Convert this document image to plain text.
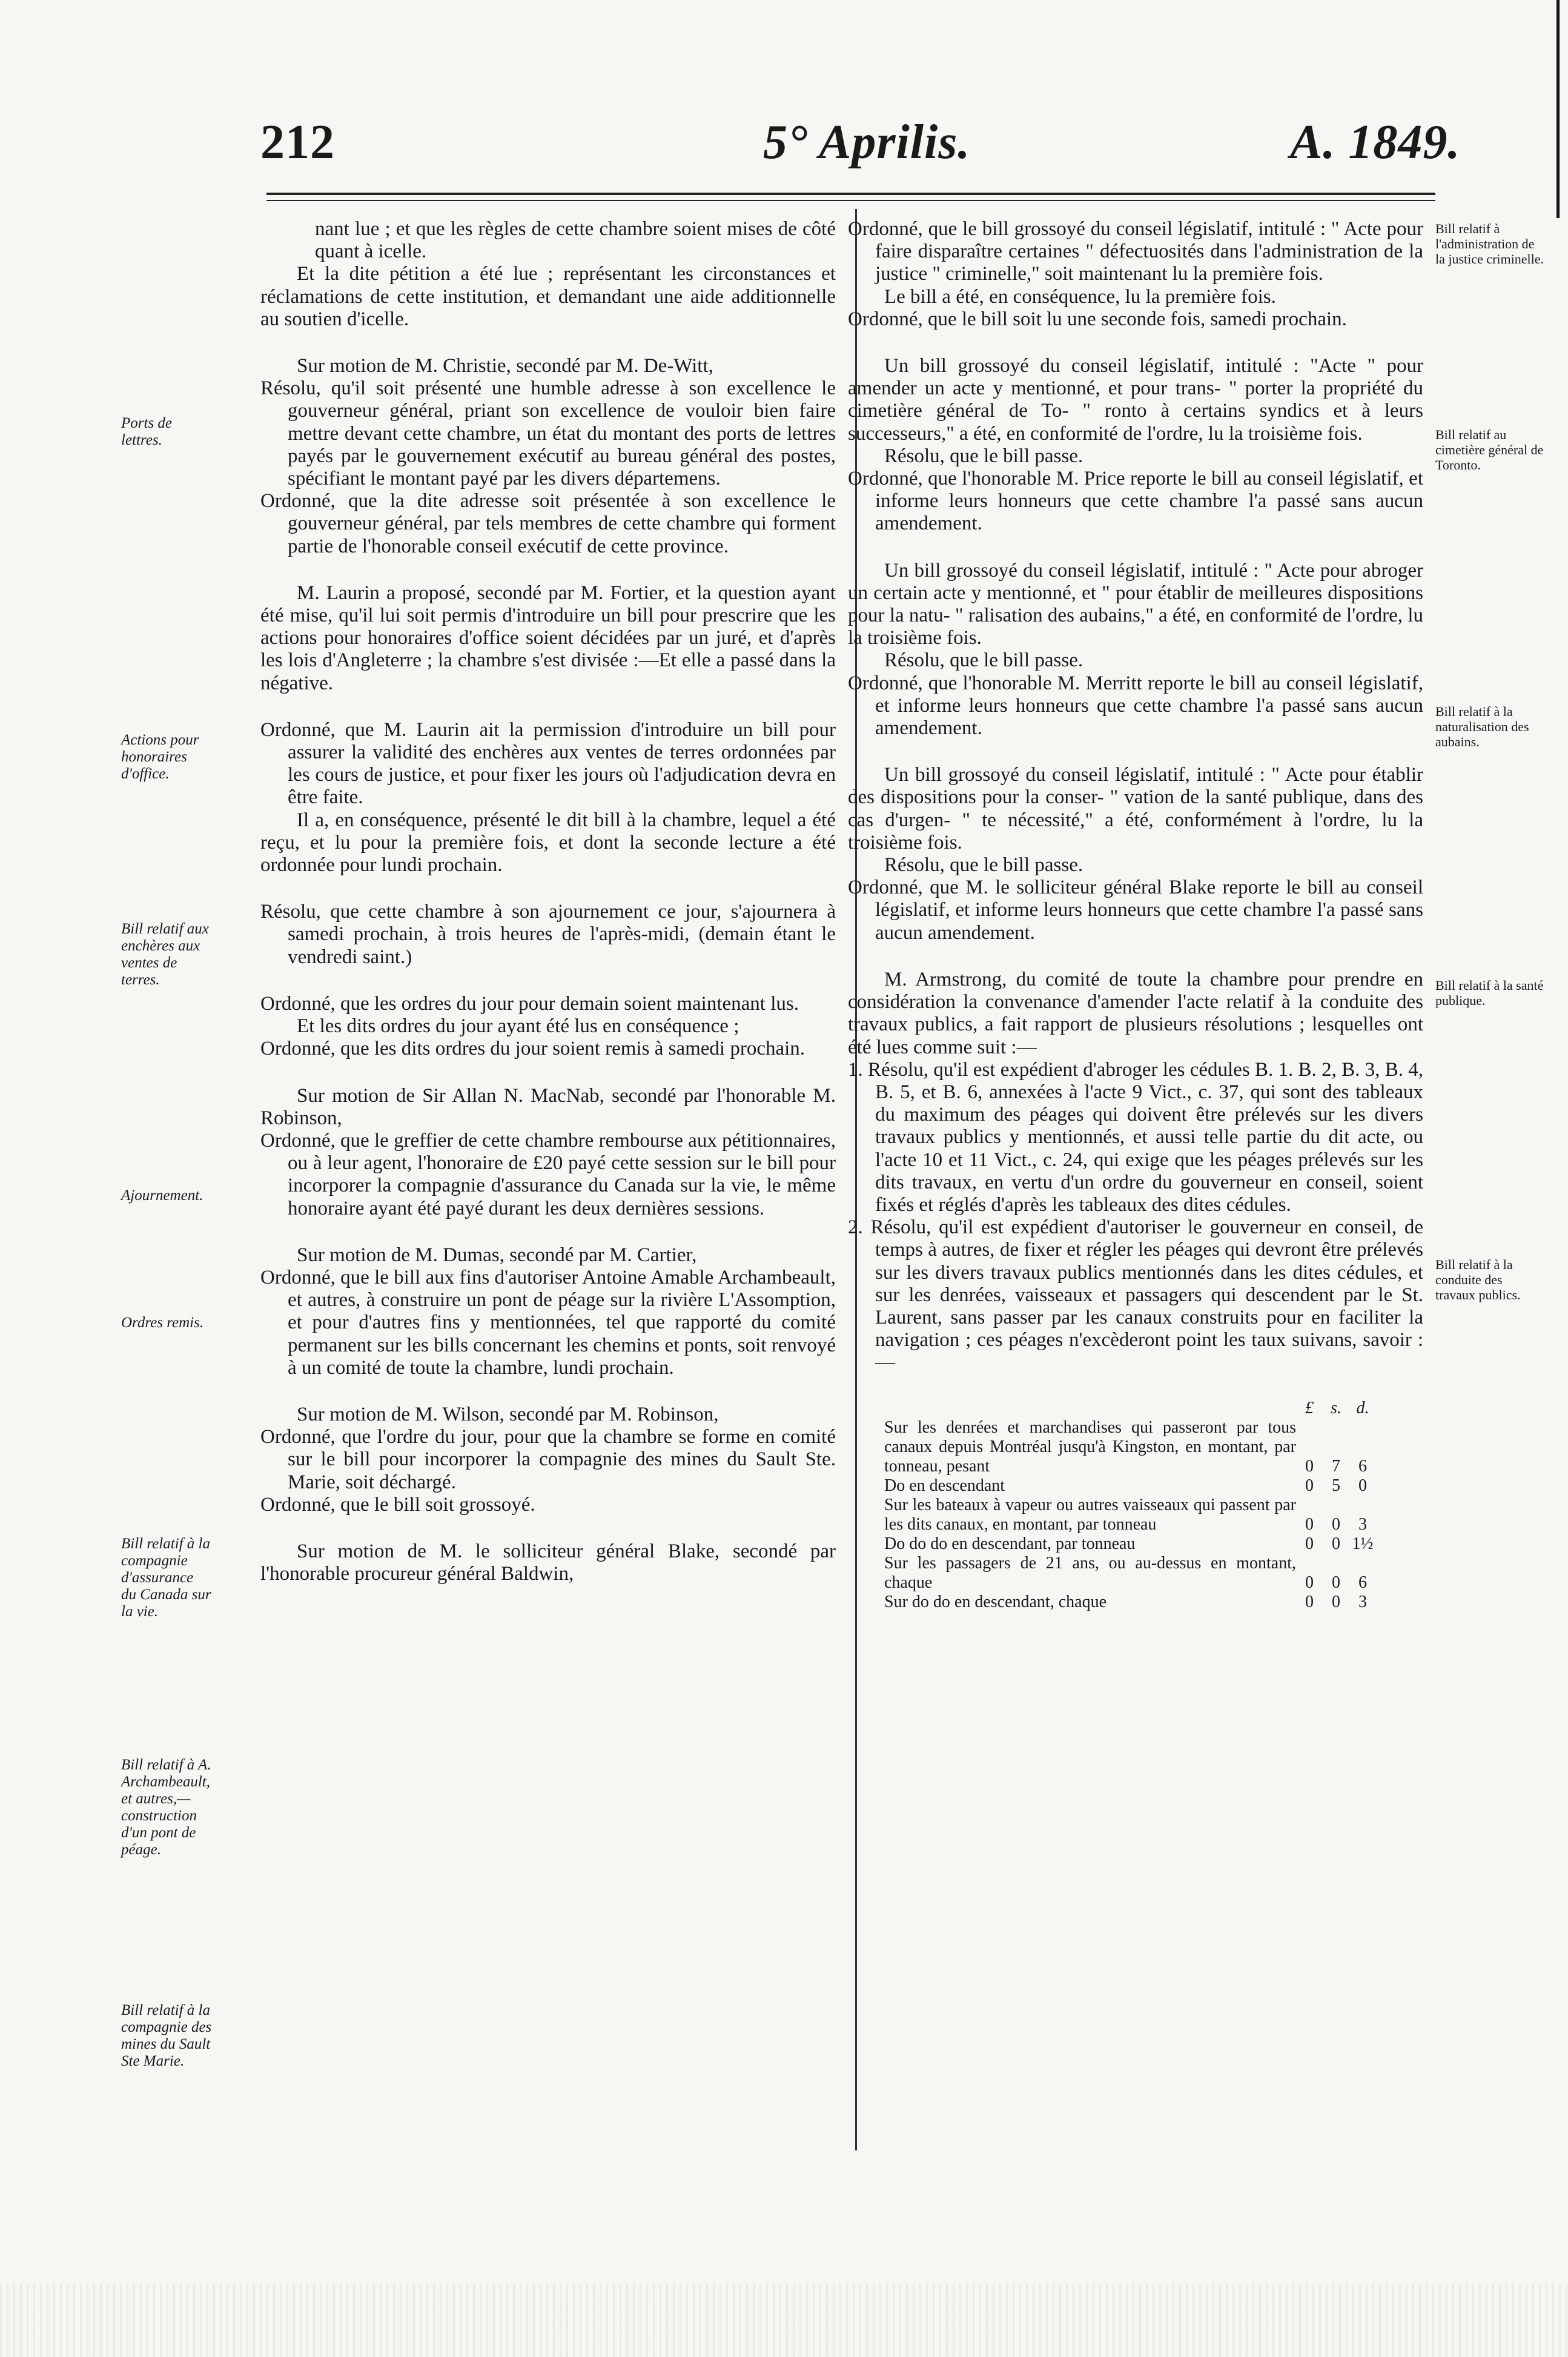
212	5° Aprilis.	A. 1849.
Ports de lettres.
Actions pour honoraires d'office.
Bill relatif aux enchères aux ventes de terres.
Ajournement.
Ordres remis.
Bill relatif à la compagnie d'assurance du Canada sur la vie.
Bill relatif à A. Archambeault, et autres,—construction d'un pont de péage.
Bill relatif à la compagnie des mines du Sault Ste Marie.

nant lue ; et que les règles de cette chambre soient mises de côté quant à icelle.

Et la dite pétition a été lue ; représentant les circonstances et réclamations de cette institution, et demandant une aide additionnelle au soutien d'icelle.

Sur motion de M. Christie, secondé par M. De-Witt,

Résolu, qu'il soit présenté une humble adresse à son excellence le gouverneur général, priant son excellence de vouloir bien faire mettre devant cette chambre, un état du montant des ports de lettres payés par le gouvernement exécutif au bureau général des postes, spécifiant le montant payé par les divers départemens.

Ordonné, que la dite adresse soit présentée à son excellence le gouverneur général, par tels membres de cette chambre qui forment partie de l'honorable conseil exécutif de cette province.

M. Laurin a proposé, secondé par M. Fortier, et la question ayant été mise, qu'il lui soit permis d'introduire un bill pour prescrire que les actions pour honoraires d'office soient décidées par un juré, et d'après les lois d'Angleterre ; la chambre s'est divisée :—Et elle a passé dans la négative.

Ordonné, que M. Laurin ait la permission d'introduire un bill pour assurer la validité des enchères aux ventes de terres ordonnées par les cours de justice, et pour fixer les jours où l'adjudication devra en être faite.

Il a, en conséquence, présenté le dit bill à la chambre, lequel a été reçu, et lu pour la première fois, et dont la seconde lecture a été ordonnée pour lundi prochain.

Résolu, que cette chambre à son ajournement ce jour, s'ajournera à samedi prochain, à trois heures de l'après-midi, (demain étant le vendredi saint.)

Ordonné, que les ordres du jour pour demain soient maintenant lus.

Et les dits ordres du jour ayant été lus en conséquence ;

Ordonné, que les dits ordres du jour soient remis à samedi prochain.

Sur motion de Sir Allan N. MacNab, secondé par l'honorable M. Robinson,

Ordonné, que le greffier de cette chambre rembourse aux pétitionnaires, ou à leur agent, l'honoraire de £20 payé cette session sur le bill pour incorporer la compagnie d'assurance du Canada sur la vie, le même honoraire ayant été payé durant les deux dernières sessions.

Sur motion de M. Dumas, secondé par M. Cartier,

Ordonné, que le bill aux fins d'autoriser Antoine Amable Archambeault, et autres, à construire un pont de péage sur la rivière L'Assomption, et pour d'autres fins y mentionnées, tel que rapporté du comité permanent sur les bills concernant les chemins et ponts, soit renvoyé à un comité de toute la chambre, lundi prochain.

Sur motion de M. Wilson, secondé par M. Robinson,

Ordonné, que l'ordre du jour, pour que la chambre se forme en comité sur le bill pour incorporer la compagnie des mines du Sault Ste. Marie, soit déchargé.

Ordonné, que le bill soit grossoyé.

Sur motion de M. le solliciteur général Blake, secondé par l'honorable procureur général Baldwin,

Ordonné, que le bill grossoyé du conseil législatif, intitulé : " Acte pour faire disparaître certaines " défectuosités dans l'administration de la justice " criminelle," soit maintenant lu la première fois.

Le bill a été, en conséquence, lu la première fois.

Ordonné, que le bill soit lu une seconde fois, samedi prochain.

Un bill grossoyé du conseil législatif, intitulé : "Acte " pour amender un acte y mentionné, et pour trans- " porter la propriété du cimetière général de To- " ronto à certains syndics et à leurs successeurs," a été, en conformité de l'ordre, lu la troisième fois.

Résolu, que le bill passe.

Ordonné, que l'honorable M. Price reporte le bill au conseil législatif, et informe leurs honneurs que cette chambre l'a passé sans aucun amendement.

Un bill grossoyé du conseil législatif, intitulé : " Acte pour abroger un certain acte y mentionné, et " pour établir de meilleures dispositions pour la natu- " ralisation des aubains," a été, en conformité de l'ordre, lu la troisième fois.

Résolu, que le bill passe.

Ordonné, que l'honorable M. Merritt reporte le bill au conseil législatif, et informe leurs honneurs que cette chambre l'a passé sans aucun amendement.

Un bill grossoyé du conseil législatif, intitulé : " Acte pour établir des dispositions pour la conser- " vation de la santé publique, dans des cas d'urgen- " te nécessité," a été, conformément à l'ordre, lu la troisième fois.

Résolu, que le bill passe.

Ordonné, que M. le solliciteur général Blake reporte le bill au conseil législatif, et informe leurs honneurs que cette chambre l'a passé sans aucun amendement.

M. Armstrong, du comité de toute la chambre pour prendre en considération la convenance d'amender l'acte relatif à la conduite des travaux publics, a fait rapport de plusieurs résolutions ; lesquelles ont été lues comme suit :—

1. Résolu, qu'il est expédient d'abroger les cédules B. 1. B. 2, B. 3, B. 4, B. 5, et B. 6, annexées à l'acte 9 Vict., c. 37, qui sont des tableaux du maximum des péages qui doivent être prélevés sur les divers travaux publics y mentionnés, et aussi telle partie du dit acte, ou l'acte 10 et 11 Vict., c. 24, qui exige que les péages prélevés sur les dits travaux, en vertu d'un ordre du gouverneur en conseil, soient fixés et réglés d'après les tableaux des dites cédules.

2. Résolu, qu'il est expédient d'autoriser le gouverneur en conseil, de temps à autres, de fixer et régler les péages qui devront être prélevés sur les divers travaux publics mentionnés dans les dites cédules, et sur les denrées, vaisseaux et passagers qui descendent par le St. Laurent, sans passer par les canaux construits pour en faciliter la navigation ; ces péages n'excèderont point les taux suivans, savoir :—

	£	s.	d.
Sur les denrées et marchandises qui passeront par tous canaux depuis Montréal jusqu'à Kingston, en montant, par tonneau, pesant	0	7	6
Do en descendant	0	5	0
Sur les bateaux à vapeur ou autres vaisseaux qui passent par les dits canaux, en montant, par tonneau	0	0	3
Do do do en descendant, par tonneau	0	0	1½
Sur les passagers de 21 ans, ou au-dessus en montant, chaque	0	0	6
Sur do do en descendant, chaque	0	0	3
Bill relatif à l'administration de la justice criminelle.
Bill relatif au cimetière général de Toronto.
Bill relatif à la naturalisation des aubains.
Bill relatif à la santé publique.
Bill relatif à la conduite des travaux publics.
